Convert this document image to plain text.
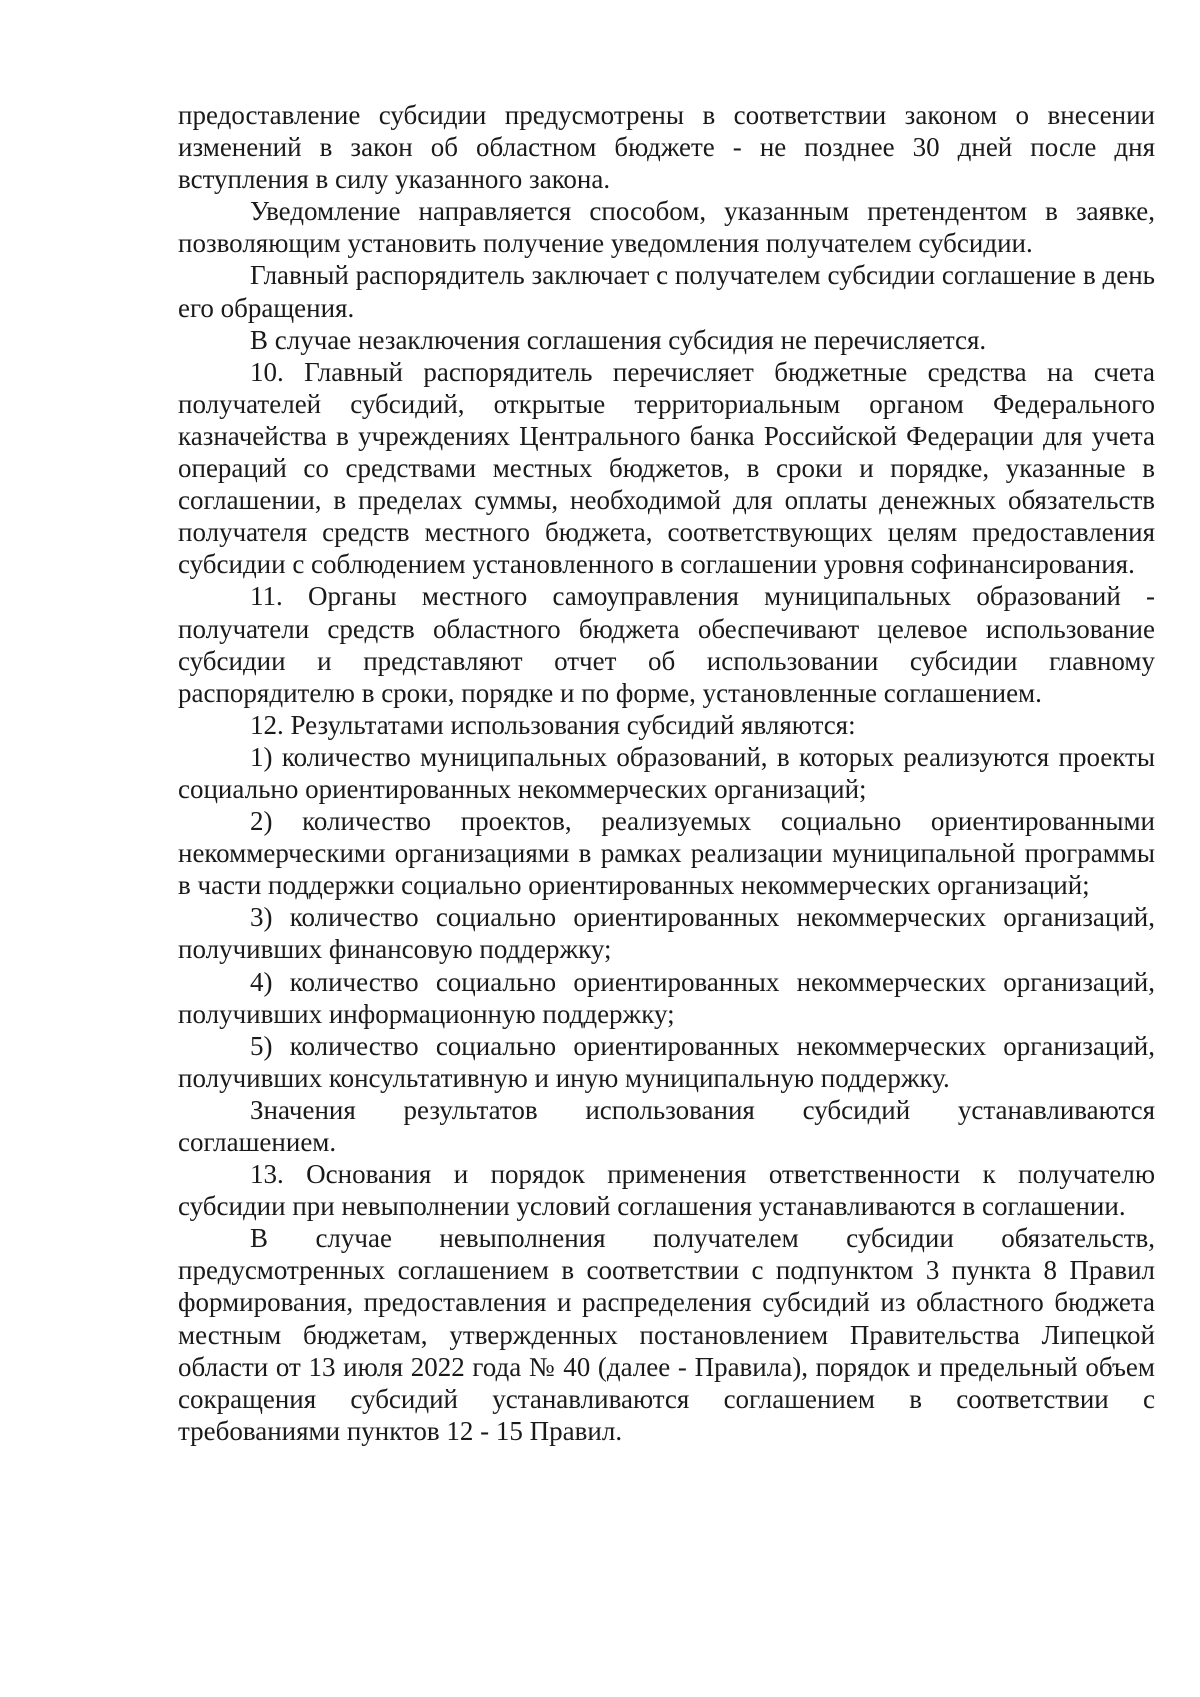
предоставление субсидии предусмотрены в соответствии законом о внесении изменений в закон об областном бюджете - не позднее 30 дней после дня вступления в силу указанного закона.

Уведомление направляется способом, указанным претендентом в заявке, позволяющим установить получение уведомления получателем субсидии.

Главный распорядитель заключает с получателем субсидии соглашение в день его обращения.

В случае незаключения соглашения субсидия не перечисляется.

10. Главный распорядитель перечисляет бюджетные средства на счета получателей субсидий, открытые территориальным органом Федерального казначейства в учреждениях Центрального банка Российской Федерации для учета операций со средствами местных бюджетов, в сроки и порядке, указанные в соглашении, в пределах суммы, необходимой для оплаты денежных обязательств получателя средств местного бюджета, соответствующих целям предоставления субсидии с соблюдением установленного в соглашении уровня софинансирования.

11. Органы местного самоуправления муниципальных образований - получатели средств областного бюджета обеспечивают целевое использование субсидии и представляют отчет об использовании субсидии главному распорядителю в сроки, порядке и по форме, установленные соглашением.

12. Результатами использования субсидий являются:

1) количество муниципальных образований, в которых реализуются проекты социально ориентированных некоммерческих организаций;

2) количество проектов, реализуемых социально ориентированными некоммерческими организациями в рамках реализации муниципальной программы в части поддержки социально ориентированных некоммерческих организаций;

3) количество социально ориентированных некоммерческих организаций, получивших финансовую поддержку;

4) количество социально ориентированных некоммерческих организаций, получивших информационную поддержку;

5) количество социально ориентированных некоммерческих организаций, получивших консультативную и иную муниципальную поддержку.

Значения результатов использования субсидий устанавливаются соглашением.

13. Основания и порядок применения ответственности к получателю субсидии при невыполнении условий соглашения устанавливаются в соглашении.

В случае невыполнения получателем субсидии обязательств, предусмотренных соглашением в соответствии с подпунктом 3 пункта 8 Правил формирования, предоставления и распределения субсидий из областного бюджета местным бюджетам, утвержденных постановлением Правительства Липецкой области от 13 июля 2022 года № 40 (далее - Правила), порядок и предельный объем сокращения субсидий устанавливаются соглашением в соответствии с требованиями пунктов 12 - 15 Правил.
